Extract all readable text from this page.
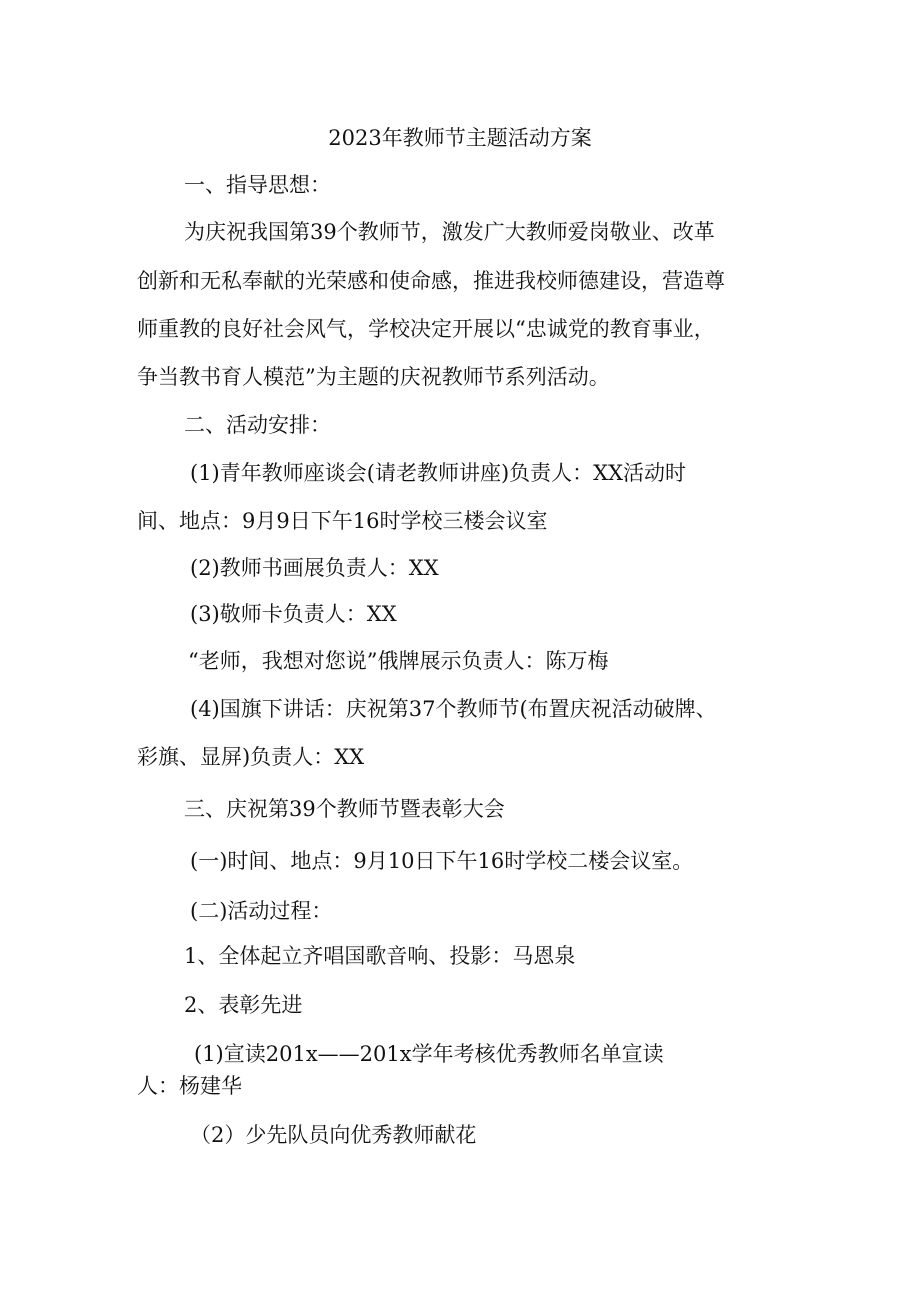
2023年教师节主题活动方案
一、指导思想：
为庆祝我国第39个教师节，激发广大教师爱岗敬业、改革
创新和无私奉献的光荣感和使命感，推进我校师德建设，营造尊
师重教的良好社会风气，学校决定开展以“忠诚党的教育事业，
争当教书育人模范”为主题的庆祝教师节系列活动。
二、活动安排：
(1)青年教师座谈会(请老教师讲座)负责人：XX活动时
间、地点：9月9日下午16时学校三楼会议室
(2)教师书画展负责人：XX
(3)敬师卡负责人：XX
“老师，我想对您说”俄牌展示负责人：陈万梅
(4)国旗下讲话：庆祝第37个教师节(布置庆祝活动破牌、
彩旗、显屏)负责人：XX
三、庆祝第39个教师节暨表彰大会
(一)时间、地点：9月10日下午16时学校二楼会议室。
(二)活动过程：
1、全体起立齐唱国歌音响、投影：马恩泉
2、表彰先进
(1)宣读201x——201x学年考核优秀教师名单宣读
人：杨建华
（2）少先队员向优秀教师献花
